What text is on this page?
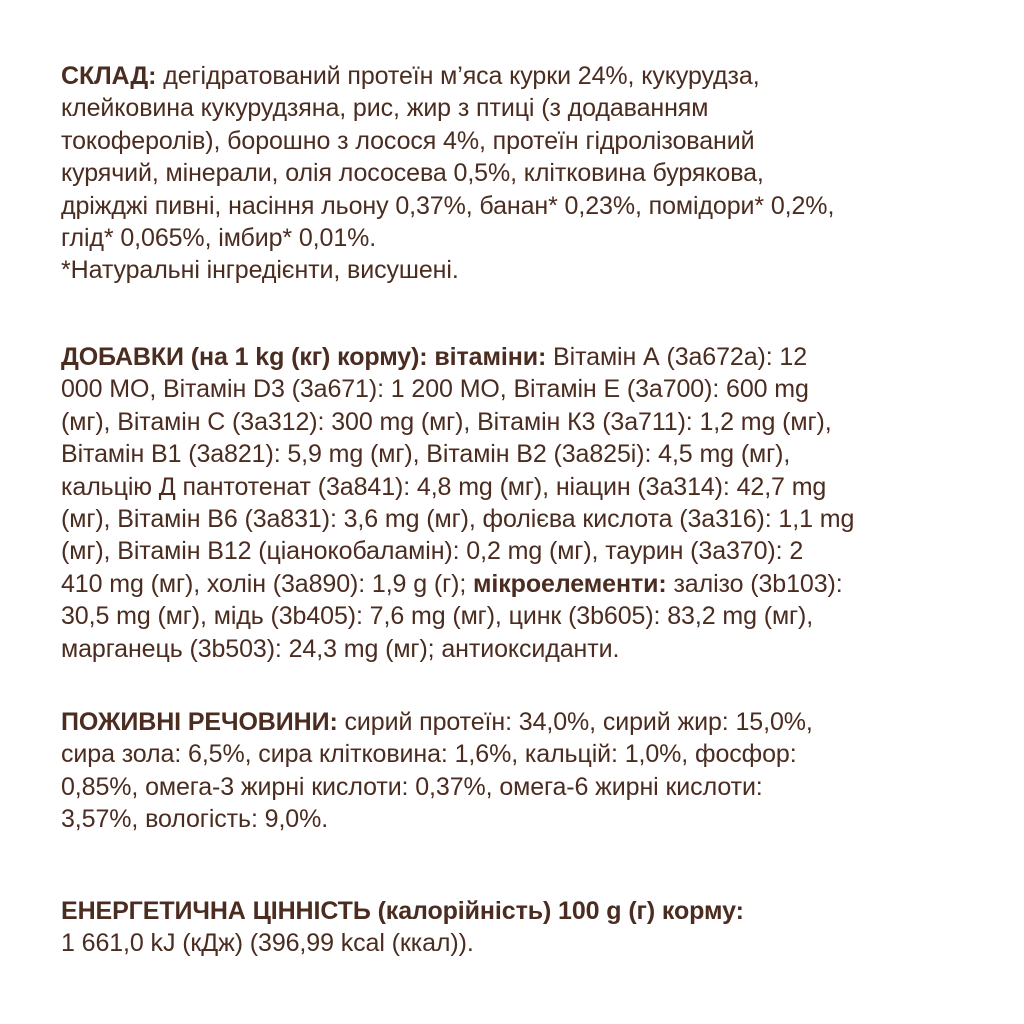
СКЛАД: дегідратований протеїн м’яса курки 24%, кукурудза,
клейковина кукурудзяна, рис, жир з птиці (з додаванням
токоферолів), борошно з лосося 4%, протеїн гідролізований
курячий, мінерали, олія лососева 0,5%, клітковина бурякова,
дріжджі пивні, насіння льону 0,37%, банан* 0,23%, помідори* 0,2%,
глід* 0,065%, імбир* 0,01%.
*Натуральні інгредієнти, висушені.
ДОБАВКИ (на 1 kg (кг) корму): вітаміни: Вітамін А (3а672а): 12
000 МО, Вітамін D3 (3а671): 1 200 МО, Вітамін Е (3а700): 600 mg
(мг), Вітамін С (3а312): 300 mg (мг), Вітамін К3 (3а711): 1,2 mg (мг),
Вітамін В1 (3а821): 5,9 mg (мг), Вітамін В2 (3а825і): 4,5 mg (мг),
кальцію Д пантотенат (3а841): 4,8 mg (мг), ніацин (3а314): 42,7 mg
(мг), Вітамін В6 (3а831): 3,6 mg (мг), фолієва кислота (3а316): 1,1 mg
(мг), Вітамін В12 (ціанокобаламін): 0,2 mg (мг), таурин (3а370): 2
410 mg (мг), холін (3а890): 1,9 g (г); мікроелементи: залізо (3b103):
30,5 mg (мг), мідь (3b405): 7,6 mg (мг), цинк (3b605): 83,2 mg (мг),
марганець (3b503): 24,3 mg (мг); антиоксиданти.
ПОЖИВНІ РЕЧОВИНИ: сирий протеїн: 34,0%, сирий жир: 15,0%,
сира зола: 6,5%, сира клітковина: 1,6%, кальцій: 1,0%, фосфор:
0,85%, омега-3 жирні кислоти: 0,37%, омега-6 жирні кислоти:
3,57%, вологість: 9,0%.
ЕНЕРГЕТИЧНА ЦІННІСТЬ (калорійність) 100 g (г) корму:
1 661,0 kJ (кДж) (396,99 kcal (ккал)).
